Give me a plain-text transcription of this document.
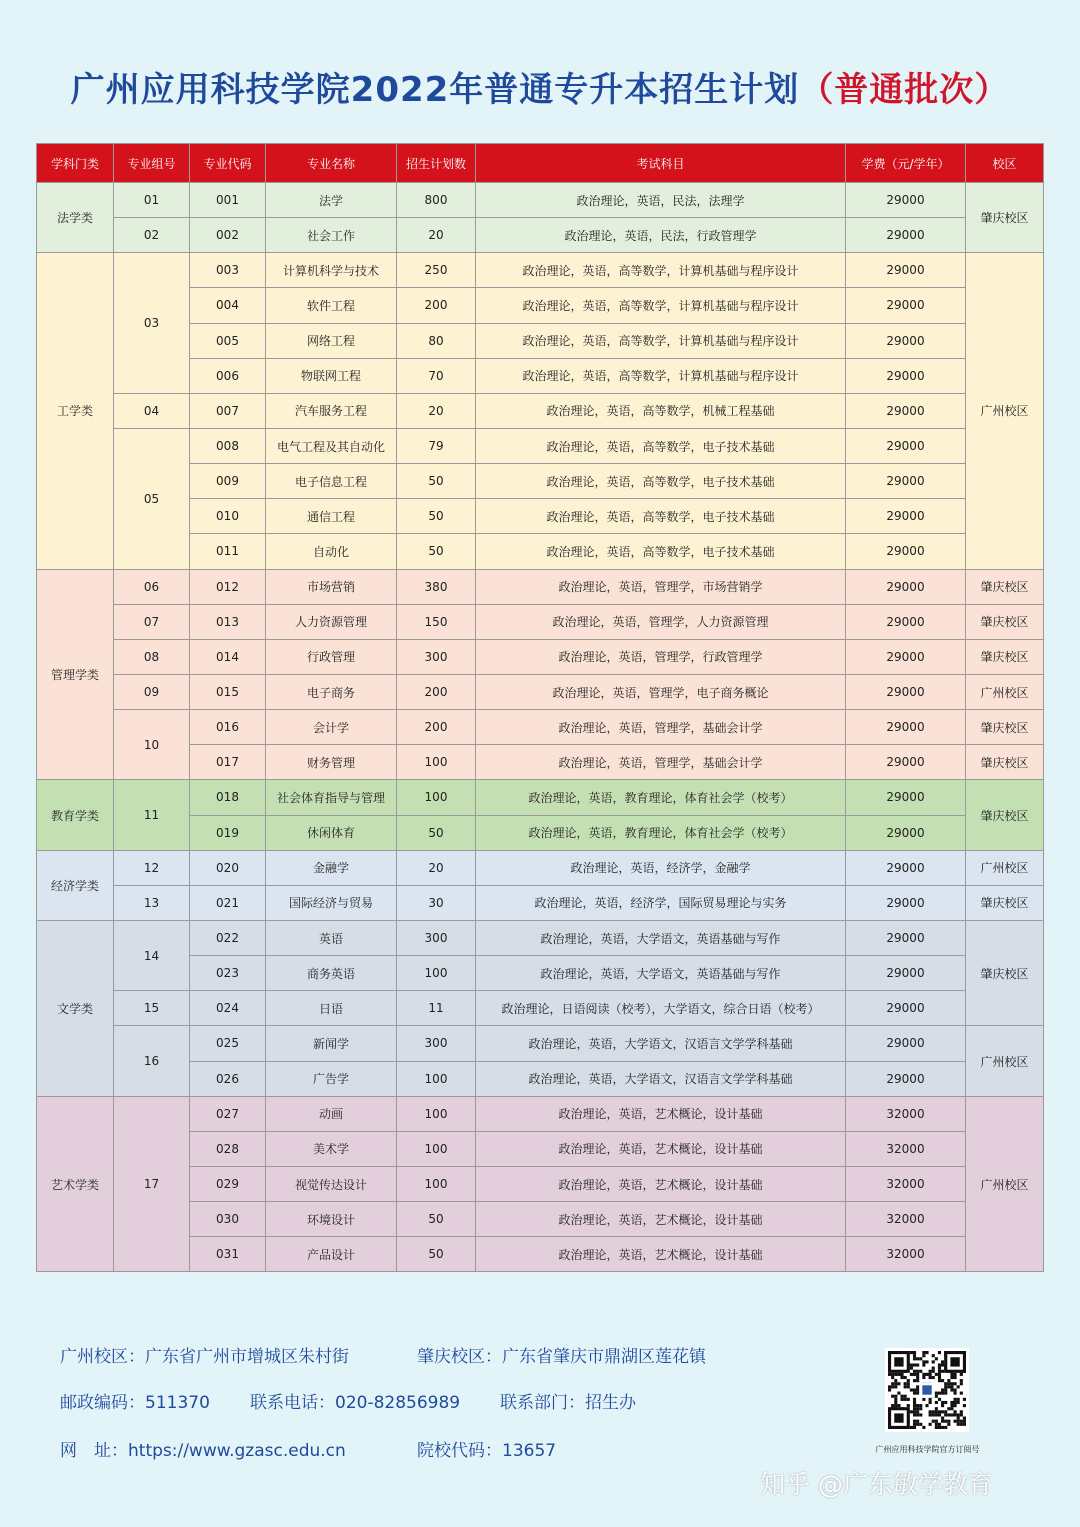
广州应用科技学院2022年普通专升本招生计划（普通批次）
学科门类	专业组号	专业代码	专业名称	招生计划数	考试科目	学费（元/学年）	校区
法学类	01	001	法学	800	政治理论，英语，民法，法理学	29000	肇庆校区
	02	002	社会工作	20	政治理论，英语，民法，行政管理学	29000	
工学类	03	003	计算机科学与技术	250	政治理论，英语，高等数学，计算机基础与程序设计	29000	广州校区
		004	软件工程	200	政治理论，英语，高等数学，计算机基础与程序设计	29000	
		005	网络工程	80	政治理论，英语，高等数学，计算机基础与程序设计	29000	
		006	物联网工程	70	政治理论，英语，高等数学，计算机基础与程序设计	29000	
	04	007	汽车服务工程	20	政治理论，英语，高等数学，机械工程基础	29000	
	05	008	电气工程及其自动化	79	政治理论，英语，高等数学，电子技术基础	29000	
		009	电子信息工程	50	政治理论，英语，高等数学，电子技术基础	29000	
		010	通信工程	50	政治理论，英语，高等数学，电子技术基础	29000	
		011	自动化	50	政治理论，英语，高等数学，电子技术基础	29000	
管理学类	06	012	市场营销	380	政治理论，英语，管理学，市场营销学	29000	肇庆校区
	07	013	人力资源管理	150	政治理论，英语，管理学，人力资源管理	29000	肇庆校区
	08	014	行政管理	300	政治理论，英语，管理学，行政管理学	29000	肇庆校区
	09	015	电子商务	200	政治理论，英语，管理学，电子商务概论	29000	广州校区
	10	016	会计学	200	政治理论，英语，管理学，基础会计学	29000	肇庆校区
		017	财务管理	100	政治理论，英语，管理学，基础会计学	29000	肇庆校区
教育学类	11	018	社会体育指导与管理	100	政治理论，英语，教育理论，体育社会学（校考）	29000	肇庆校区
		019	休闲体育	50	政治理论，英语，教育理论，体育社会学（校考）	29000	
经济学类	12	020	金融学	20	政治理论，英语，经济学，金融学	29000	广州校区
	13	021	国际经济与贸易	30	政治理论，英语，经济学，国际贸易理论与实务	29000	肇庆校区
文学类	14	022	英语	300	政治理论，英语，大学语文，英语基础与写作	29000	肇庆校区
		023	商务英语	100	政治理论，英语，大学语文，英语基础与写作	29000	
	15	024	日语	11	政治理论，日语阅读（校考），大学语文，综合日语（校考）	29000	
	16	025	新闻学	300	政治理论，英语，大学语文，汉语言文学学科基础	29000	广州校区
		026	广告学	100	政治理论，英语，大学语文，汉语言文学学科基础	29000	
艺术学类	17	027	动画	100	政治理论，英语，艺术概论，设计基础	32000	广州校区
		028	美术学	100	政治理论，英语，艺术概论，设计基础	32000	
		029	视觉传达设计	100	政治理论，英语，艺术概论，设计基础	32000	
		030	环境设计	50	政治理论，英语，艺术概论，设计基础	32000	
		031	产品设计	50	政治理论，英语，艺术概论，设计基础	32000	
广州校区：广东省广州市增城区朱村街	肇庆校区：广东省肇庆市鼎湖区莲花镇
邮政编码：511370 联系电话：020-82856989 联系部门：招生办
网　址：https://www.gzasc.edu.cn	院校代码：13657	广州应用科技学院官方订阅号
知乎 @广东敏学教育
